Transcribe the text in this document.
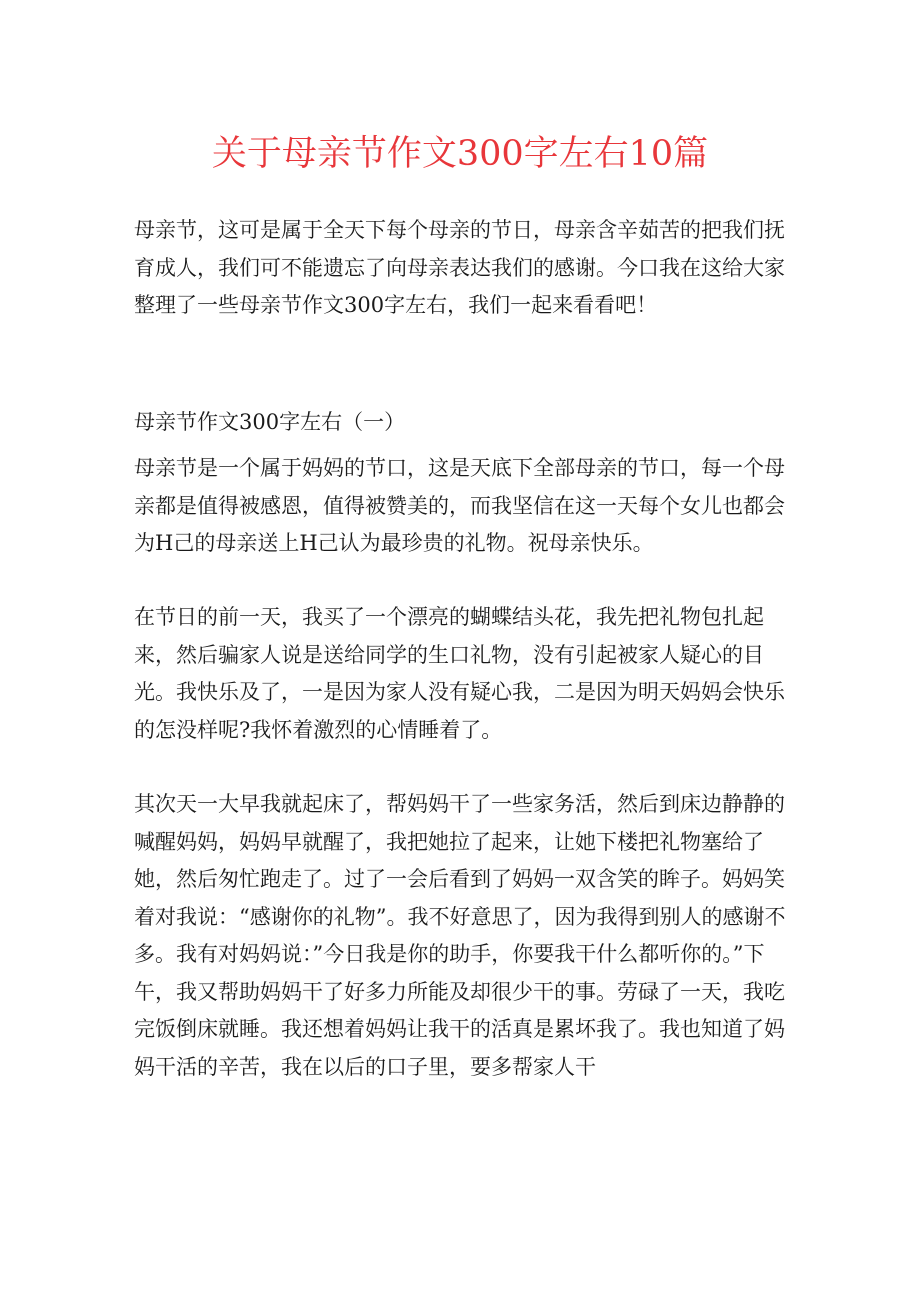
关于母亲节作文300字左右10篇

母亲节，这可是属于全天下每个母亲的节日，母亲含辛茹苦的把我们抚育成人，我们可不能遗忘了向母亲表达我们的感谢。今口我在这给大家整理了一些母亲节作文300字左右，我们一起来看看吧！

母亲节作文300字左右（一）

母亲节是一个属于妈妈的节口，这是天底下全部母亲的节口，每一个母亲都是值得被感恩，值得被赞美的，而我坚信在这一天每个女儿也都会为H己的母亲送上H己认为最珍贵的礼物。祝母亲快乐。

在节日的前一天，我买了一个漂亮的蝴蝶结头花，我先把礼物包扎起来，然后骗家人说是送给同学的生口礼物，没有引起被家人疑心的目光。我快乐及了，一是因为家人没有疑心我，二是因为明天妈妈会快乐的怎没样呢?我怀着激烈的心情睡着了。

其次天一大早我就起床了，帮妈妈干了一些家务活，然后到床边静静的喊醒妈妈，妈妈早就醒了，我把她拉了起来，让她下楼把礼物塞给了她，然后匆忙跑走了。过了一会后看到了妈妈一双含笑的眸子。妈妈笑着对我说：“感谢你的礼物”。我不好意思了，因为我得到别人的感谢不多。我有对妈妈说：”今日我是你的助手，你要我干什么都听你的。”下午，我又帮助妈妈干了好多力所能及却很少干的事。劳碌了一天，我吃完饭倒床就睡。我还想着妈妈让我干的活真是累坏我了。我也知道了妈妈干活的辛苦，我在以后的口子里，要多帮家人干
